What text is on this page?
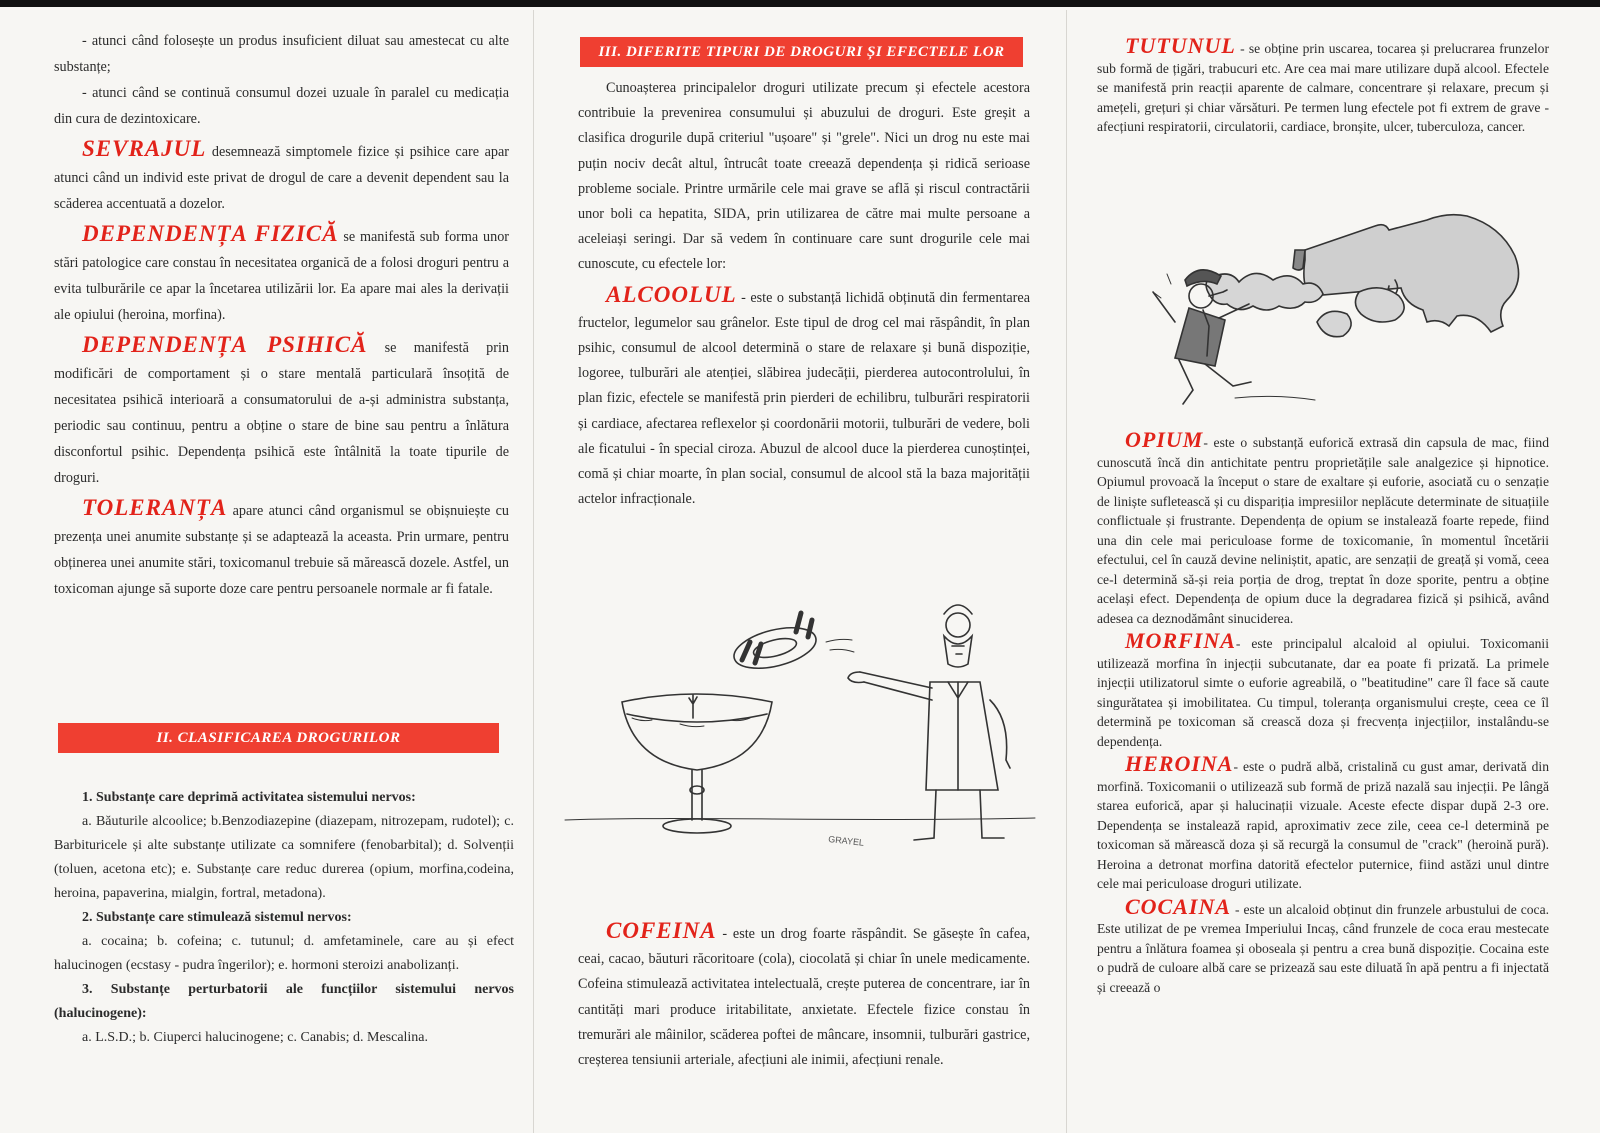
- atunci când folosește un produs insuficient diluat sau amestecat cu alte substanțe;

- atunci când se continuă consumul dozei uzuale în paralel cu medicația din cura de dezintoxicare.

SEVRAJUL desemnează simptomele fizice și psihice care apar atunci când un individ este privat de drogul de care a devenit dependent sau la scăderea accentuată a dozelor.

DEPENDENȚA FIZICĂ se manifestă sub forma unor stări patologice care constau în necesitatea organică de a folosi droguri pentru a evita tulburările ce apar la încetarea utilizării lor. Ea apare mai ales la derivații ale opiului (heroina, morfina).

DEPENDENȚA PSIHICĂ se manifestă prin modificări de comportament și o stare mentală particulară însoțită de necesitatea psihică interioară a consumatorului de a-și administra substanța, periodic sau continuu, pentru a obține o stare de bine sau pentru a înlătura disconfortul psihic. Dependența psihică este întâlnită la toate tipurile de droguri.

TOLERANȚA apare atunci când organismul se obișnuiește cu prezența unei anumite substanțe și se adaptează la aceasta. Prin urmare, pentru obținerea unei anumite stări, toxicomanul trebuie să mărească dozele. Astfel, un toxicoman ajunge să suporte doze care pentru persoanele normale ar fi fatale.

II. CLASIFICAREA DROGURILOR

1. Substanțe care deprimă activitatea sistemului nervos:

a. Băuturile alcoolice; b.Benzodiazepine (diazepam, nitrozepam, rudotel); c. Barbituricele și alte substanțe utilizate ca somnifere (fenobarbital); d. Solvenții (toluen, acetona etc); e. Substanțe care reduc durerea (opium, morfina,codeina, heroina, papaverina, mialgin, fortral, metadona).

2. Substanțe care stimulează sistemul nervos:

a. cocaina; b. cofeina; c. tutunul; d. amfetaminele, care au și efect halucinogen (ecstasy - pudra îngerilor); e. hormoni steroizi anabolizanți.

3. Substanțe perturbatorii ale funcțiilor sistemului nervos (halucinogene):

a. L.S.D.; b. Ciuperci halucinogene; c. Canabis; d. Mescalina.

III. DIFERITE TIPURI DE DROGURI ȘI EFECTELE LOR

Cunoașterea principalelor droguri utilizate precum și efectele acestora contribuie la prevenirea consumului și abuzului de droguri. Este greșit a clasifica drogurile după criteriul "ușoare" și "grele". Nici un drog nu este mai puțin nociv decât altul, întrucât toate creează dependența și ridică serioase probleme sociale. Printre urmările cele mai grave se află și riscul contractării unor boli ca hepatita, SIDA, prin utilizarea de către mai multe persoane a aceleiași seringi. Dar să vedem în continuare care sunt drogurile cele mai cunoscute, cu efectele lor:

ALCOOLUL - este o substanță lichidă obținută din fermentarea fructelor, legumelor sau grânelor. Este tipul de drog cel mai răspândit, în plan psihic, consumul de alcool determină o stare de relaxare și bună dispoziție, logoree, tulburări ale atenției, slăbirea judecății, pierderea autocontrolului, în plan fizic, efectele se manifestă prin pierderi de echilibru, tulburări respiratorii și cardiace, afectarea reflexelor și coordonării motorii, tulburări de vedere, boli ale ficatului - în special ciroza. Abuzul de alcool duce la pierderea cunoștinței, comă și chiar moarte, în plan social, consumul de alcool stă la baza majorității actelor infracționale.

GRAYEL

COFEINA - este un drog foarte răspândit. Se găsește în cafea, ceai, cacao, băuturi răcoritoare (cola), ciocolată și chiar în unele medicamente. Cofeina stimulează activitatea intelectuală, crește puterea de concentrare, iar în cantități mari produce iritabilitate, anxietate. Efectele fizice constau în tremurări ale mâinilor, scăderea poftei de mâncare, insomnii, tulburări gastrice, creșterea tensiunii arteriale, afecțiuni ale inimii, afecțiuni renale.

TUTUNUL - se obține prin uscarea, tocarea și prelucrarea frunzelor sub formă de țigări, trabucuri etc. Are cea mai mare utilizare după alcool. Efectele se manifestă prin reacții aparente de calmare, concentrare și relaxare, precum și amețeli, grețuri și chiar vărsături. Pe termen lung efectele pot fi extrem de grave - afecțiuni respiratorii, circulatorii, cardiace, bronșite, ulcer, tuberculoza, cancer.

OPIUM- este o substanță euforică extrasă din capsula de mac, fiind cunoscută încă din antichitate pentru proprietățile sale analgezice și hipnotice. Opiumul provoacă la început o stare de exaltare și euforie, asociată cu o senzație de liniște sufletească și cu dispariția impresiilor neplăcute determinate de situațiile conflictuale și frustrante. Dependența de opium se instalează foarte repede, fiind una din cele mai periculoase forme de toxicomanie, în momentul încetării efectului, cel în cauză devine neliniștit, apatic, are senzații de greață și vomă, ceea ce-l determină să-și reia porția de drog, treptat în doze sporite, pentru a obține același efect. Dependența de opium duce la degradarea fizică și psihică, având adesea ca deznodământ sinuciderea.

MORFINA- este principalul alcaloid al opiului. Toxicomanii utilizează morfina în injecții subcutanate, dar ea poate fi prizată. La primele injecții utilizatorul simte o euforie agreabilă, o "beatitudine" care îl face să caute singurătatea și imobilitatea. Cu timpul, toleranța organismului crește, ceea ce îl determină pe toxicoman să crească doza și frecvența injecțiilor, instalându-se dependența.

HEROINA- este o pudră albă, cristalină cu gust amar, derivată din morfină. Toxicomanii o utilizează sub formă de priză nazală sau injecții. Pe lângă starea euforică, apar și halucinații vizuale. Aceste efecte dispar după 2-3 ore. Dependența se instalează rapid, aproximativ zece zile, ceea ce-l determină pe toxicoman să mărească doza și să recurgă la consumul de "crack" (heroină pură). Heroina a detronat morfina datorită efectelor puternice, fiind astăzi unul dintre cele mai periculoase droguri utilizate.

COCAINA - este un alcaloid obținut din frunzele arbustului de coca. Este utilizat de pe vremea Imperiului Incaș, când frunzele de coca erau mestecate pentru a înlătura foamea și oboseala și pentru a crea bună dispoziție. Cocaina este o pudră de culoare albă care se prizează sau este diluată în apă pentru a fi injectată și creează o
